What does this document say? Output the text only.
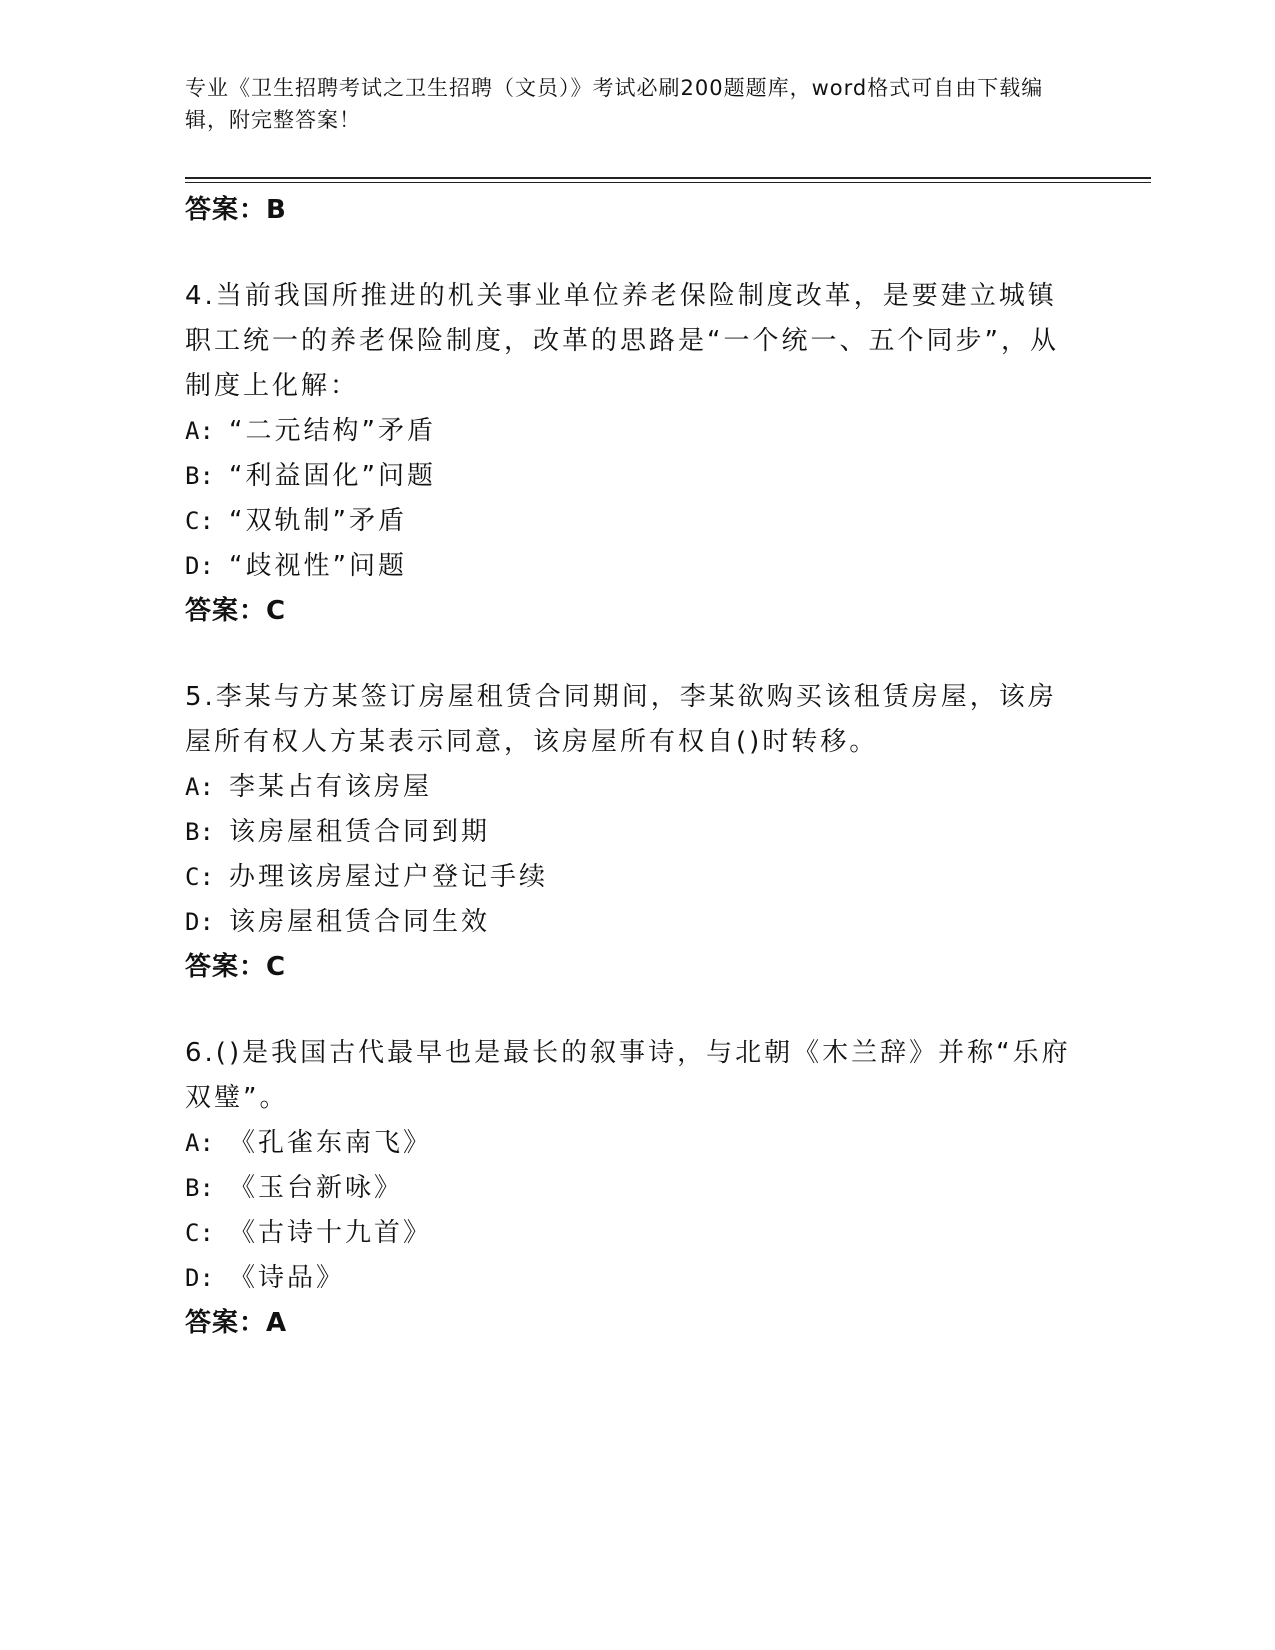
专业《卫生招聘考试之卫生招聘（文员）》考试必刷200题题库，word格式可自由下载编辑，附完整答案！
答案：B
4.当前我国所推进的机关事业单位养老保险制度改革，是要建立城镇职工统一的养老保险制度，改革的思路是“一个统一、五个同步”，从制度上化解：
A: “二元结构”矛盾
B: “利益固化”问题
C: “双轨制”矛盾
D: “歧视性”问题
答案：C
5.李某与方某签订房屋租赁合同期间，李某欲购买该租赁房屋，该房屋所有权人方某表示同意，该房屋所有权自()时转移。
A: 李某占有该房屋
B: 该房屋租赁合同到期
C: 办理该房屋过户登记手续
D: 该房屋租赁合同生效
答案：C
6.()是我国古代最早也是最长的叙事诗，与北朝《木兰辞》并称“乐府双璧”。
A: 《孔雀东南飞》
B: 《玉台新咏》
C: 《古诗十九首》
D: 《诗品》
答案：A
